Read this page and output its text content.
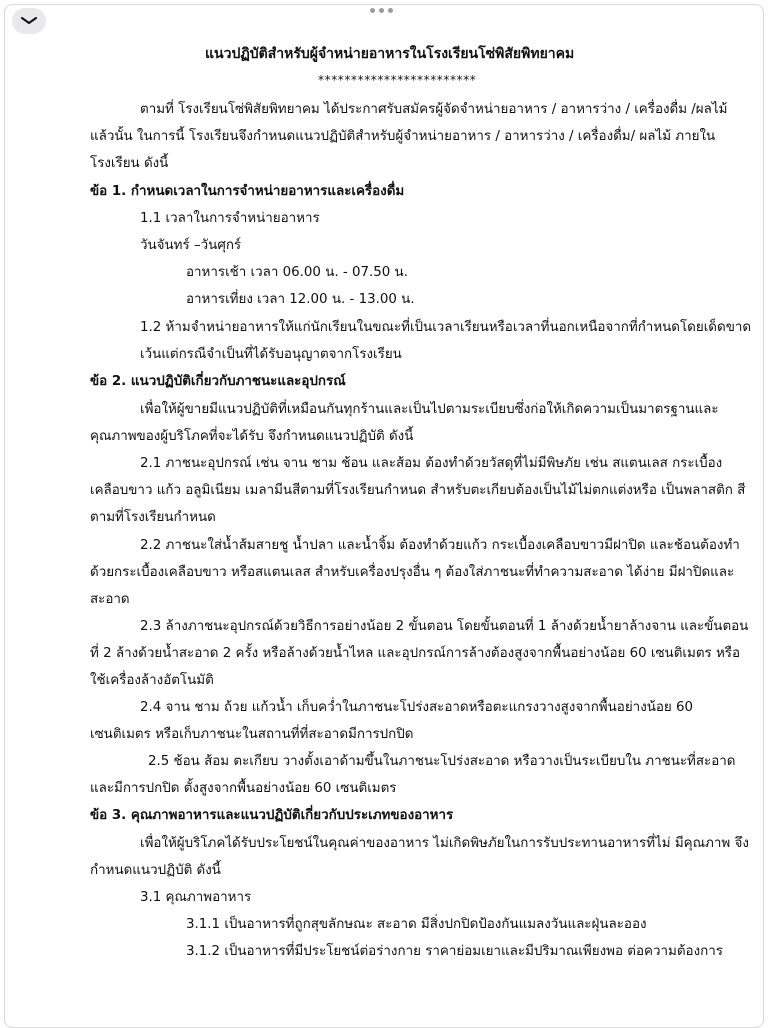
แนวปฏิบัติสำหรับผู้จำหน่ายอาหารในโรงเรียนโซ่พิสัยพิทยาคม
************************
ตามที่ โรงเรียนโซ่พิสัยพิทยาคม ได้ประกาศรับสมัครผู้จัดจำหน่ายอาหาร / อาหารว่าง / เครื่องดื่ม /ผลไม้
แล้วนั้น ในการนี้ โรงเรียนจึงกำหนดแนวปฏิบัติสำหรับผู้จำหน่ายอาหาร / อาหารว่าง / เครื่องดื่ม/ ผลไม้ ภายใน
โรงเรียน ดังนี้
ข้อ 1. กำหนดเวลาในการจำหน่ายอาหารและเครื่องดื่ม
1.1 เวลาในการจำหน่ายอาหาร
วันจันทร์ –วันศุกร์
อาหารเช้า เวลา 06.00 น. - 07.50 น.
อาหารเที่ยง เวลา 12.00 น. - 13.00 น.
1.2 ห้ามจำหน่ายอาหารให้แก่นักเรียนในขณะที่เป็นเวลาเรียนหรือเวลาที่นอกเหนือจากที่กำหนดโดยเด็ดขาด
เว้นแต่กรณีจำเป็นที่ได้รับอนุญาตจากโรงเรียน
ข้อ 2. แนวปฏิบัติเกี่ยวกับภาชนะและอุปกรณ์
เพื่อให้ผู้ขายมีแนวปฏิบัติที่เหมือนกันทุกร้านและเป็นไปตามระเบียบซึ่งก่อให้เกิดความเป็นมาตรฐานและ
คุณภาพของผู้บริโภคที่จะได้รับ จึงกำหนดแนวปฏิบัติ ดังนี้
2.1 ภาชนะอุปกรณ์ เช่น จาน ชาม ช้อน และส้อม ต้องทำด้วยวัสดุที่ไม่มีพิษภัย เช่น สแตนเลส กระเบื้อง
เคลือบขาว แก้ว อลูมิเนียม เมลามีนสีตามที่โรงเรียนกำหนด สำหรับตะเกียบต้องเป็นไม้ไม่ตกแต่งหรือ เป็นพลาสติก สี
ตามที่โรงเรียนกำหนด
2.2 ภาชนะใส่น้ำส้มสายชู น้ำปลา และน้ำจิ้ม ต้องทำด้วยแก้ว กระเบื้องเคลือบขาวมีฝาปิด และช้อนต้องทำ
ด้วยกระเบื้องเคลือบขาว หรือสแตนเลส สำหรับเครื่องปรุงอื่น ๆ ต้องใส่ภาชนะที่ทำความสะอาด ได้ง่าย มีฝาปิดและ
สะอาด
2.3 ล้างภาชนะอุปกรณ์ด้วยวิธีการอย่างน้อย 2 ขั้นตอน โดยขั้นตอนที่ 1 ล้างด้วยน้ำยาล้างจาน และขั้นตอน
ที่ 2 ล้างด้วยน้ำสะอาด 2 ครั้ง หรือล้างด้วยน้ำไหล และอุปกรณ์การล้างต้องสูงจากพื้นอย่างน้อย 60 เซนติเมตร หรือ
ใช้เครื่องล้างอัตโนมัติ
2.4 จาน ชาม ถ้วย แก้วน้ำ เก็บคว่ำในภาชนะโปร่งสะอาดหรือตะแกรงวางสูงจากพื้นอย่างน้อย 60
เซนติเมตร หรือเก็บภาชนะในสถานที่ที่สะอาดมีการปกปิด
2.5 ช้อน ส้อม ตะเกียบ วางตั้งเอาด้ามขึ้นในภาชนะโปร่งสะอาด หรือวางเป็นระเบียบใน ภาชนะที่สะอาด
และมีการปกปิด ตั้งสูงจากพื้นอย่างน้อย 60 เซนติเมตร
ข้อ 3. คุณภาพอาหารและแนวปฏิบัติเกี่ยวกับประเภทของอาหาร
เพื่อให้ผู้บริโภคได้รับประโยชน์ในคุณค่าของอาหาร ไม่เกิดพิษภัยในการรับประทานอาหารที่ไม่ มีคุณภาพ จึง
กำหนดแนวปฏิบัติ ดังนี้
3.1 คุณภาพอาหาร
3.1.1 เป็นอาหารที่ถูกสุขลักษณะ สะอาด มีสิ่งปกปิดป้องกันแมลงวันและฝุ่นละออง
3.1.2 เป็นอาหารที่มีประโยชน์ต่อร่างกาย ราคาย่อมเยาและมีปริมาณเพียงพอ ต่อความต้องการ
